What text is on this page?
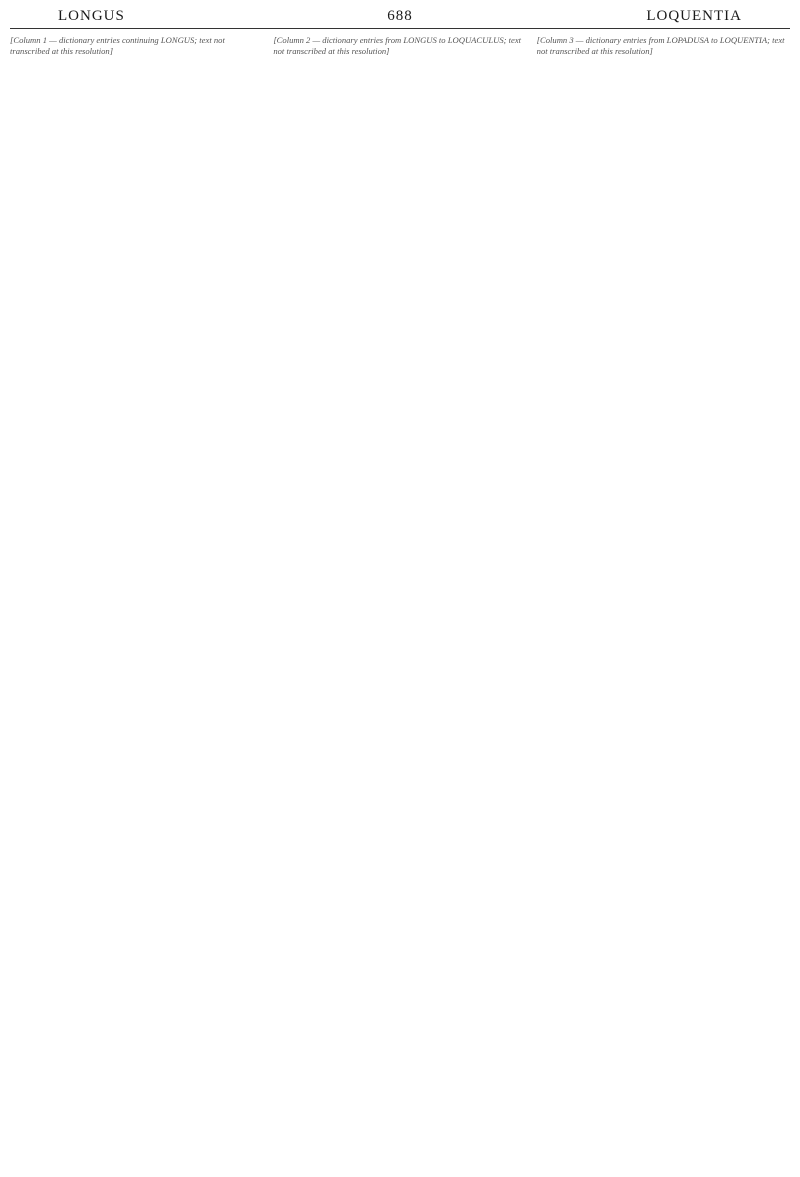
LONGUS	688	LOQUENTIA

[Column 1 — dictionary entries continuing LONGUS; text not transcribed at this resolution]

[Column 2 — dictionary entries from LONGUS to LOQUACULUS; text not transcribed at this resolution]

[Column 3 — dictionary entries from LOPADUSA to LOQUENTIA; text not transcribed at this resolution]
